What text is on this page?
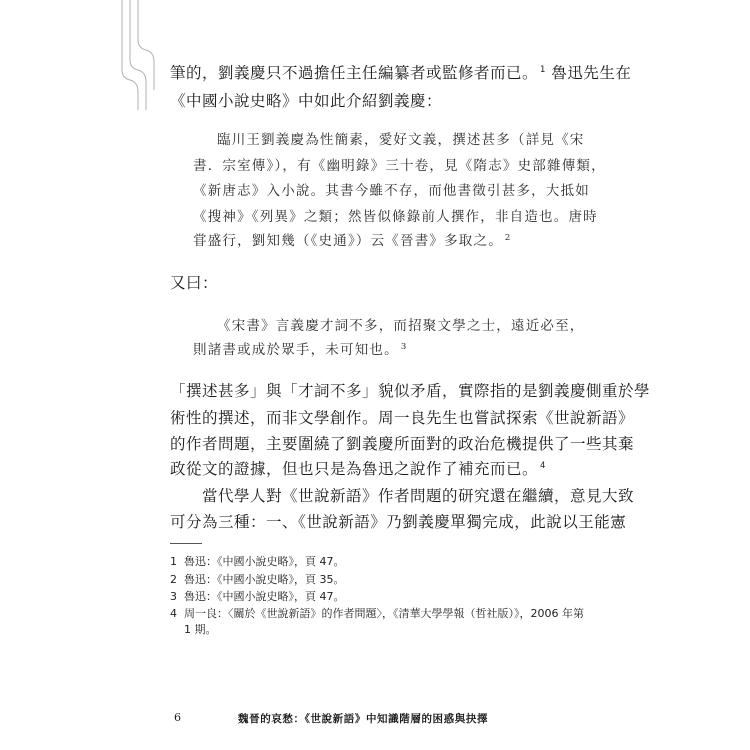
筆的，劉義慶只不過擔任主任編纂者或監修者而已。 $^1$ 魯迅先生在
《中國小說史略》中如此介紹劉義慶：
臨川王劉義慶為性簡素，愛好文義，撰述甚多（詳見《宋
書．宗室傳》），有《幽明錄》三十卷，見《隋志》史部雜傳類，
《新唐志》入小說。其書今雖不存，而他書徵引甚多，大抵如
《搜神》《列異》之類；然皆似條錄前人撰作，非自造也。唐時
甞盛行，劉知幾（《史通》）云《晉書》多取之。 $^2$
又曰：
《宋書》言義慶才詞不多，而招聚文學之士，遠近必至，
則諸書或成於眾手，未可知也。 $^3$
「撰述甚多」與「才詞不多」貌似矛盾，實際指的是劉義慶側重於學
術性的撰述，而非文學創作。周一良先生也嘗試探索《世說新語》
的作者問題，主要圍繞了劉義慶所面對的政治危機提供了一些其棄
政從文的證據，但也只是為魯迅之說作了補充而已。 $^4$
　　當代學人對《世說新語》作者問題的研究還在繼續，意見大致
可分為三種：一、《世說新語》乃劉義慶單獨完成，此說以王能憲
1 魯迅：《中國小說史略》，頁 47。
2 魯迅：《中國小說史略》，頁 35。
3 魯迅：《中國小說史略》，頁 47。
4 周一良：〈關於《世說新語》的作者問題〉，《清華大學學報（哲社版）》，2006 年第
1 期。
6	魏晉的哀愁：《世說新語》中知識階層的困惑與抉擇
